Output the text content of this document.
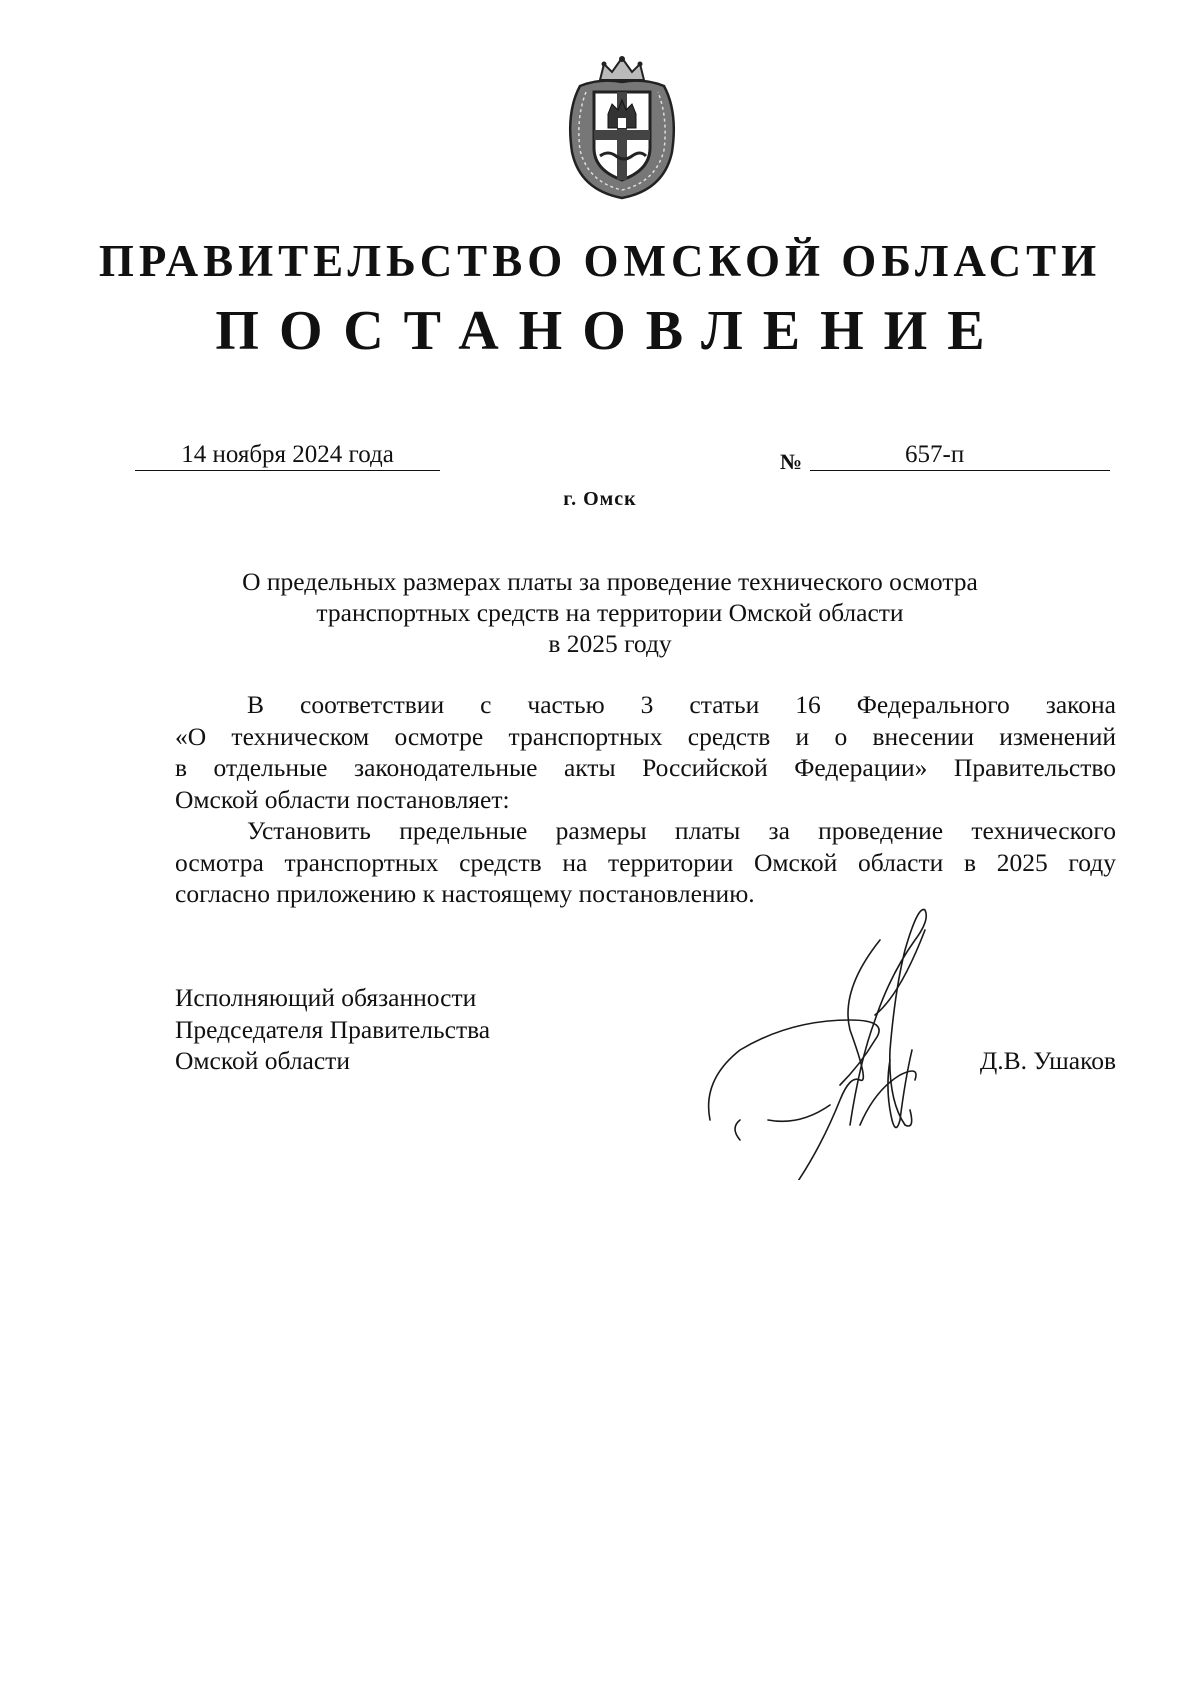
ПРАВИТЕЛЬСТВО ОМСКОЙ ОБЛАСТИ
ПОСТАНОВЛЕНИЕ
14 ноября 2024 года	№	657-п
г. Омск
О предельных размерах платы за проведение технического осмотра
транспортных средств на территории Омской области
в 2025 году
В соответствии с частью 3 статьи 16 Федерального закона
«О техническом осмотре транспортных средств и о внесении изменений
в отдельные законодательные акты Российской Федерации» Правительство
Омской области постановляет:
Установить предельные размеры платы за проведение технического
осмотра транспортных средств на территории Омской области в 2025 году
согласно приложению к настоящему постановлению.
Исполняющий обязанности
Председателя Правительства
Омской области	Д.В. Ушаков
